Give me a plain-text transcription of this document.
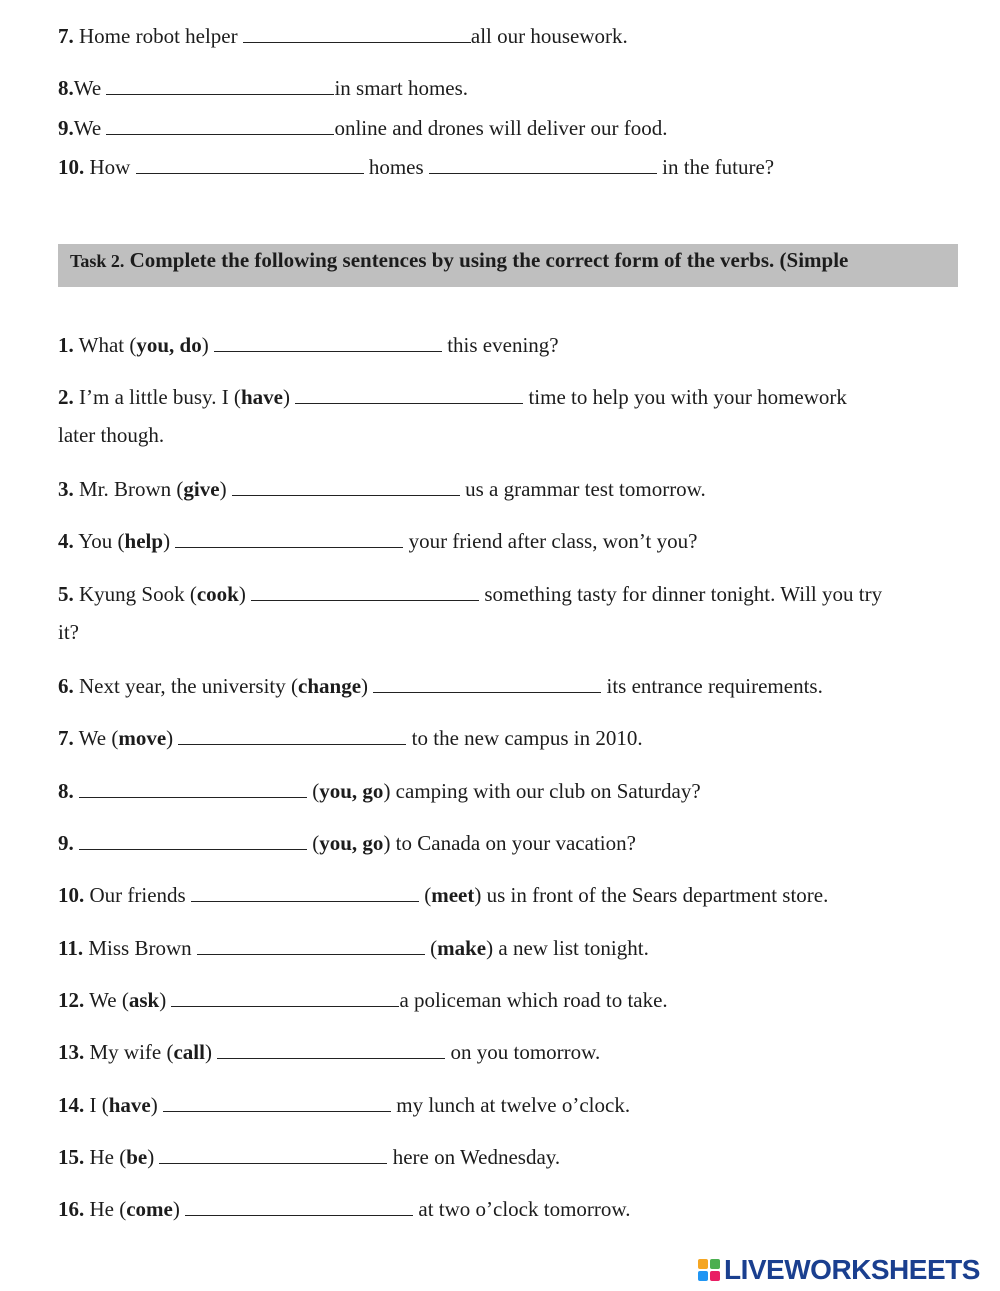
7. Home robot helper	all our housework.
8.We	in smart homes.
9.We	online and drones will deliver our food.
10. How	homes	in the future?
Task 2. Complete the following sentences by using the correct form of the verbs. (Simple
1. What (you, do)	this evening?
2. I’m a little busy. I (have)	time to help you with your homework
later though.
3. Mr. Brown (give)	us a grammar test tomorrow.
4. You (help)	your friend after class, won’t you?
5. Kyung Sook (cook)	something tasty for dinner tonight. Will you try
it?
6. Next year, the university (change)	its entrance requirements.
7. We (move)	to the new campus in 2010.
8.	(you, go) camping with our club on Saturday?
9.	(you, go) to Canada on your vacation?
10. Our friends	(meet) us in front of the Sears department store.
11. Miss Brown	(make) a new list tonight.
12. We (ask)	a policeman which road to take.
13. My wife (call)	on you tomorrow.
14. I (have)	my lunch at twelve o’clock.
15. He (be)	here on Wednesday.
16. He (come)	at two o’clock tomorrow.
LIVEWORKSHEETS
